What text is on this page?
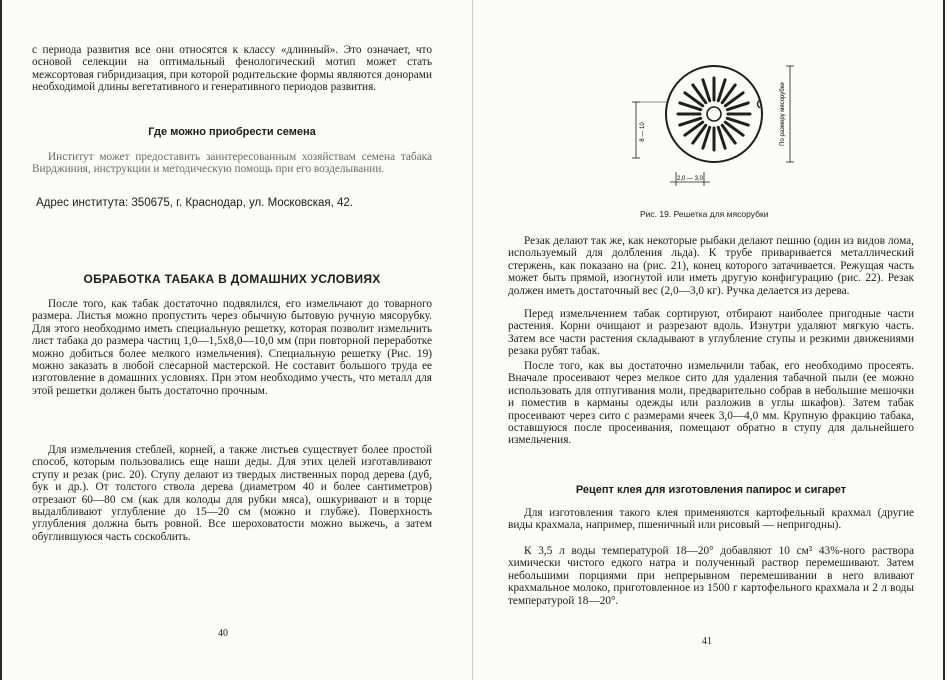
с периода развития все они относятся к классу «длинный». Это означает, что основой селекции на оптимальный фенологический мотип может стать межсортовая гибридизация, при которой родительские формы являются донорами необходимой длины вегетативного и генеративного периодов развития.

Где можно приобрести семена

Институт может предоставить заинтересованным хозяйствам семена табака Вирджиния, инструкции и методическую помощь при его возделывании.

Адрес института: 350675, г. Краснодар, ул. Московская, 42.

ОБРАБОТКА ТАБАКА В ДОМАШНИХ УСЛОВИЯХ

После того, как табак достаточно подвялился, его измельчают до товарного размера. Листья можно пропустить через обычную бытовую ручную мясорубку. Для этого необходимо иметь специальную решетку, которая позволит измельчить лист табака до размера частиц 1,0—1,5х8,0—10,0 мм (при повторной переработке можно добиться более мелкого измельчения). Специальную решетку (Рис. 19) можно заказать в любой слесарной мастерской. Не составит большого труда ее изготовление в домашних условиях. При этом необходимо учесть, что металл для этой решетки должен быть достаточно прочным.

Для измельчения стеблей, корней, а также листьев существует более простой способ, которым пользовались еще наши деды. Для этих целей изготавливают ступу и резак (рис. 20). Ступу делают из твердых лиственных пород дерева (дуб, бук и др.). От толстого ствола дерева (диаметром 40 и более сантиметров) отрезают 60—80 см (как для колоды для рубки мяса), ошкуривают и в торце выдалбливают углубление до 15—20 см (можно и глубже). Поверхность углубления должна быть ровной. Все шероховатости можно выжечь, а затем обуглившуюся часть соскоблить.

40
8 — 10	По размеру мясорубки
2,0 — 3,0
Рис. 19. Решетка для мясорубки

Резак делают так же, как некоторые рыбаки делают пешню (один из видов лома, используемый для долбления льда). К трубе приваривается металлический стержень, как показано на (рис. 21), конец которого затачивается. Режущая часть может быть прямой, изогнутой или иметь другую конфигурацию (рис. 22). Резак должен иметь достаточный вес (2,0—3,0 кг). Ручка делается из дерева.

Перед измельчением табак сортируют, отбирают наиболее пригодные части растения. Корни очищают и разрезают вдоль. Изнутри удаляют мягкую часть. Затем все части растения складывают в углубление ступы и резкими движениями резака рубят табак.

После того, как вы достаточно измельчили табак, его необходимо просеять. Вначале просеивают через мелкое сито для удаления табачной пыли (ее можно использовать для отпугивания моли, предварительно собрав в небольшие мешочки и поместив в карманы одежды или разложив в углы шкафов). Затем табак просеивают через сито с размерами ячеек 3,0—4,0 мм. Крупную фракцию табака, оставшуюся после просеивания, помещают обратно в ступу для дальнейшего измельчения.

Рецепт клея для изготовления папирос и сигарет

Для изготовления такого клея применяются картофельный крахмал (другие виды крахмала, например, пшеничный или рисовый — непригодны).

К 3,5 л воды температурой 18—20° добавляют 10 см³ 43%-ного раствора химически чистого едкого натра и полученный раствор перемешивают. Затем небольшими порциями при непрерывном перемешивании в него вливают крахмальное молоко, приготовленное из 1500 г картофельного крахмала и 2 л воды температурой 18—20°.

41
